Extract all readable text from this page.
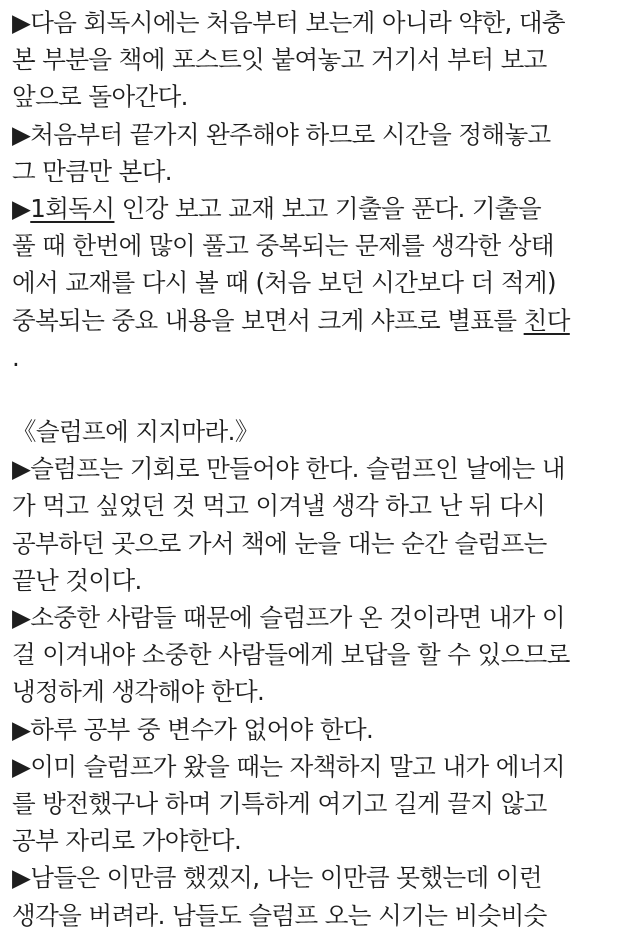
▶다음 회독시에는 처음부터 보는게 아니라 약한, 대충
본 부분을 책에 포스트잇 붙여놓고 거기서 부터 보고
앞으로 돌아간다.
▶처음부터 끝가지 완주해야 하므로 시간을 정해놓고
그 만큼만 본다.
▶1회독시 인강 보고 교재 보고 기출을 푼다. 기출을
풀 때 한번에 많이 풀고 중복되는 문제를 생각한 상태
에서 교재를 다시 볼 때 (처음 보던 시간보다 더 적게)
중복되는 중요 내용을 보면서 크게 샤프로 별표를 친다
.
《슬럼프에 지지마라.》
▶슬럼프는 기회로 만들어야 한다. 슬럼프인 날에는 내
가 먹고 싶었던 것 먹고 이겨낼 생각 하고 난 뒤 다시
공부하던 곳으로 가서 책에 눈을 대는 순간 슬럼프는
끝난 것이다.
▶소중한 사람들 때문에 슬럼프가 온 것이라면 내가 이
걸 이겨내야 소중한 사람들에게 보답을 할 수 있으므로
냉정하게 생각해야 한다.
▶하루 공부 중 변수가 없어야 한다.
▶이미 슬럼프가 왔을 때는 자책하지 말고 내가 에너지
를 방전했구나 하며 기특하게 여기고 길게 끌지 않고
공부 자리로 가야한다.
▶남들은 이만큼 했겠지, 나는 이만큼 못했는데 이런
생각을 버려라. 남들도 슬럼프 오는 시기는 비슷비슷
